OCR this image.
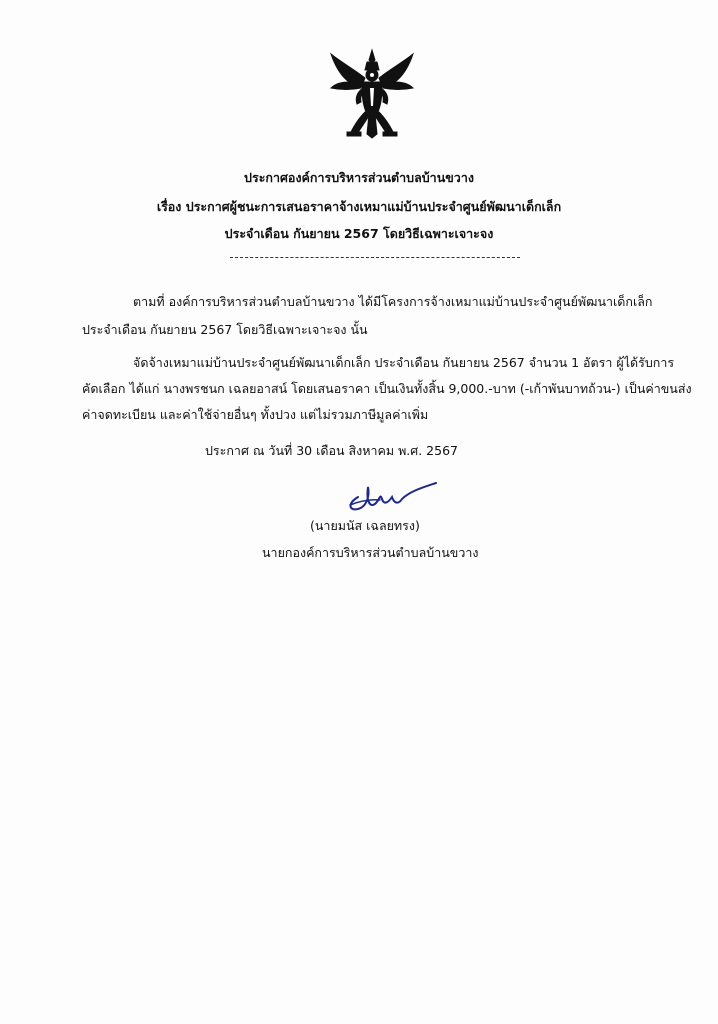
ประกาศองค์การบริหารส่วนตำบลบ้านขวาง
เรื่อง ประกาศผู้ชนะการเสนอราคาจ้างเหมาแม่บ้านประจำศูนย์พัฒนาเด็กเล็ก
ประจำเดือน กันยายน 2567 โดยวิธีเฉพาะเจาะจง
ตามที่ องค์การบริหารส่วนตำบลบ้านขวาง ได้มีโครงการจ้างเหมาแม่บ้านประจำศูนย์พัฒนาเด็กเล็ก
ประจำเดือน กันยายน 2567 โดยวิธีเฉพาะเจาะจง นั้น
จัดจ้างเหมาแม่บ้านประจำศูนย์พัฒนาเด็กเล็ก ประจำเดือน กันยายน 2567 จำนวน 1 อัตรา ผู้ได้รับการ
คัดเลือก ได้แก่ นางพรชนก เฉลยอาสน์ โดยเสนอราคา เป็นเงินทั้งสิ้น 9,000.-บาท (-เก้าพันบาทถ้วน-) เป็นค่าขนส่ง
ค่าจดทะเบียน และค่าใช้จ่ายอื่นๆ ทั้งปวง แต่ไม่รวมภาษีมูลค่าเพิ่ม
ประกาศ ณ วันที่ 30 เดือน สิงหาคม พ.ศ. 2567
(นายมนัส เฉลยทรง)
นายกองค์การบริหารส่วนตำบลบ้านขวาง
